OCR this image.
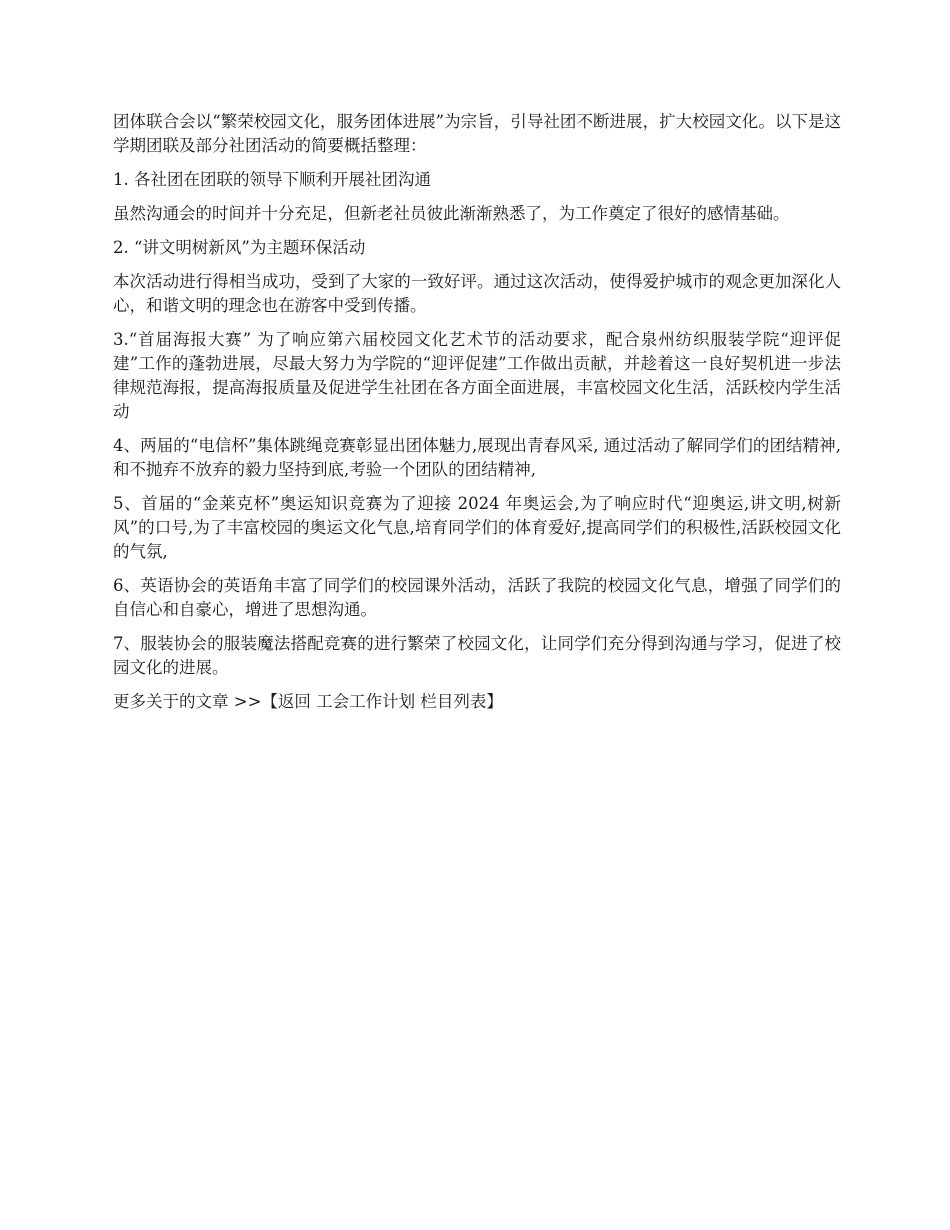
团体联合会以“繁荣校园文化，服务团体进展”为宗旨，引导社团不断进展，扩大校园文化。以下是这学期团联及部分社团活动的简要概括整理：

1. 各社团在团联的领导下顺利开展社团沟通

虽然沟通会的时间并十分充足，但新老社员彼此渐渐熟悉了，为工作奠定了很好的感情基础。

2. “讲文明树新风”为主题环保活动

本次活动进行得相当成功，受到了大家的一致好评。通过这次活动，使得爱护城市的观念更加深化人心，和谐文明的理念也在游客中受到传播。

3.“首届海报大赛” 为了响应第六届校园文化艺术节的活动要求，配合泉州纺织服装学院“迎评促建”工作的蓬勃进展，尽最大努力为学院的“迎评促建”工作做出贡献，并趁着这一良好契机进一步法律规范海报，提高海报质量及促进学生社团在各方面全面进展，丰富校园文化生活，活跃校内学生活动

4、两届的“电信杯”集体跳绳竞赛彰显出团体魅力,展现出青春风采, 通过活动了解同学们的团结精神,和不抛弃不放弃的毅力坚持到底,考验一个团队的团结精神,

5、首届的“金莱克杯”奥运知识竞赛为了迎接 2024 年奥运会,为了响应时代“迎奥运,讲文明,树新风”的口号,为了丰富校园的奥运文化气息,培育同学们的体育爱好,提高同学们的积极性,活跃校园文化的气氛,

6、英语协会的英语角丰富了同学们的校园课外活动，活跃了我院的校园文化气息，增强了同学们的自信心和自豪心，增进了思想沟通。

7、服装协会的服装魔法搭配竞赛的进行繁荣了校园文化，让同学们充分得到沟通与学习，促进了校园文化的进展。

更多关于的文章 >>【返回 工会工作计划 栏目列表】
